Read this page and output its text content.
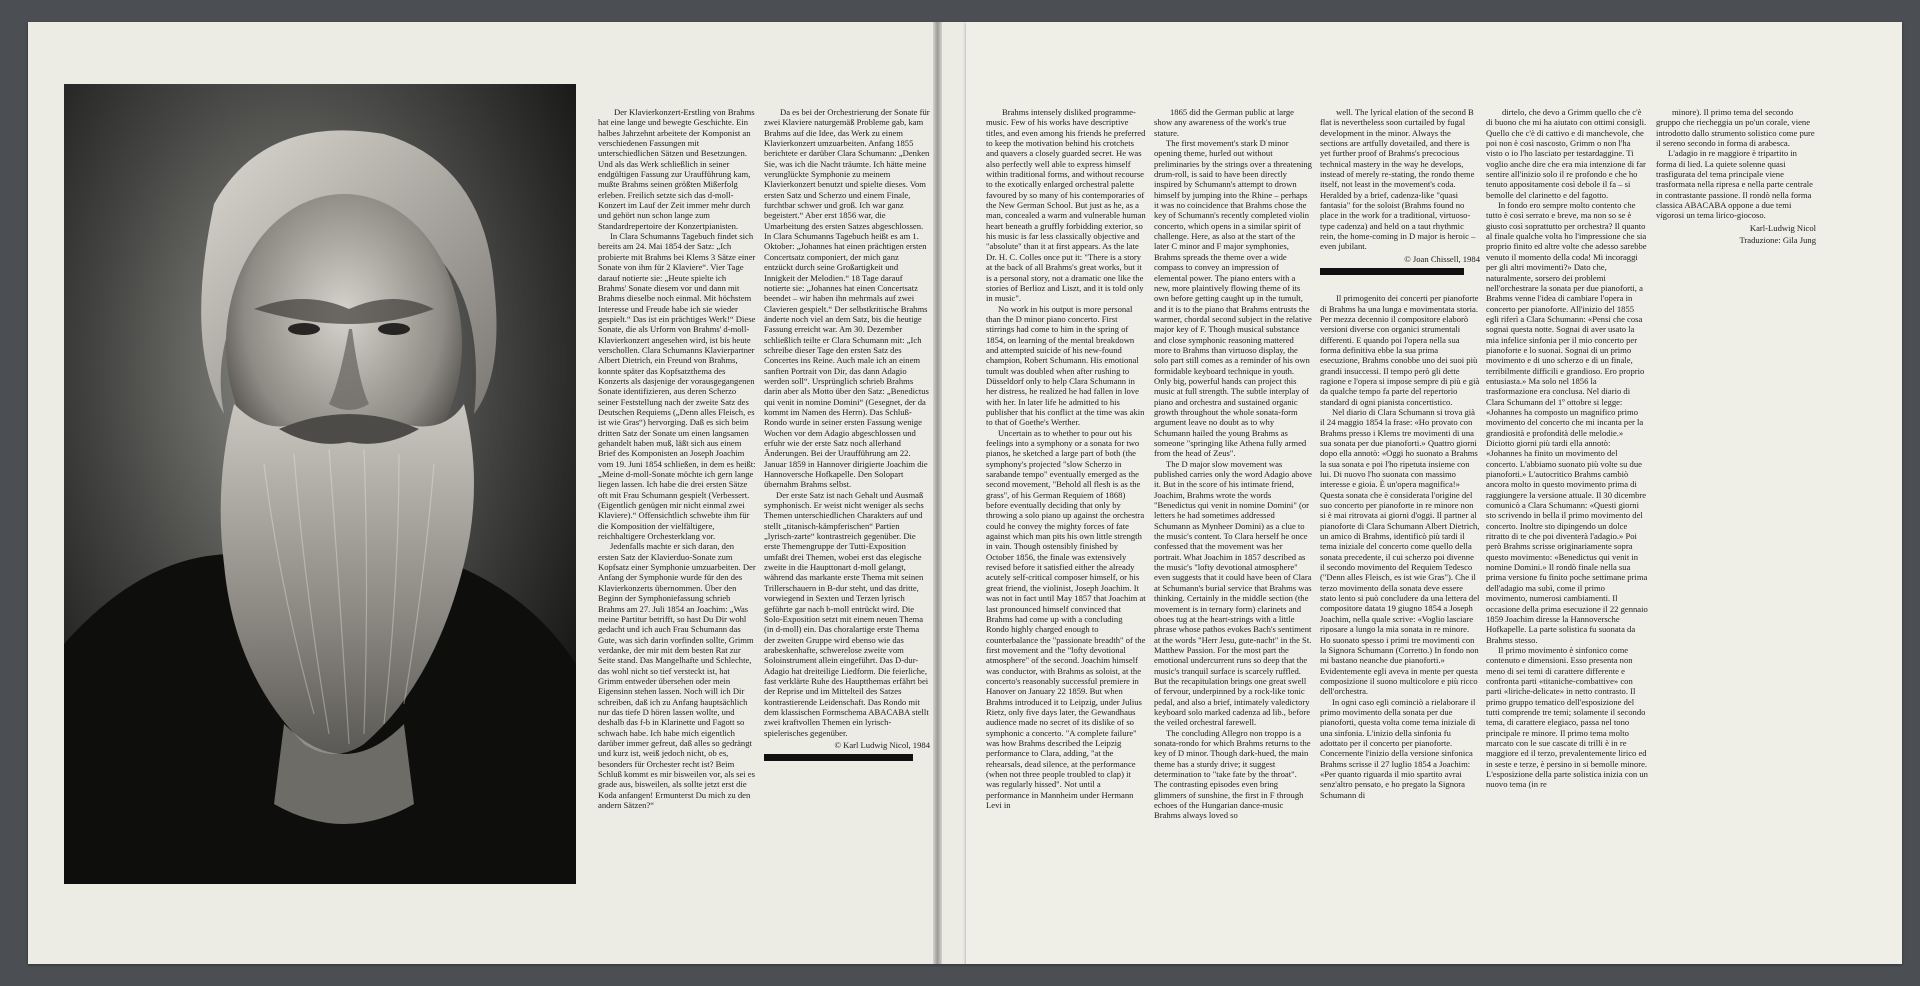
Der Klavierkonzert-Erstling von Brahms hat eine lange und bewegte Geschichte. Ein halbes Jahrzehnt arbeitete der Komponist an verschiedenen Fassungen mit unterschiedlichen Sätzen und Besetzungen. Und als das Werk schließlich in seiner endgültigen Fassung zur Uraufführung kam, mußte Brahms seinen größten Mißerfolg erleben. Freilich setzte sich das d-moll-Konzert im Lauf der Zeit immer mehr durch und gehört nun schon lange zum Standardrepertoire der Konzertpianisten.

In Clara Schumanns Tagebuch findet sich bereits am 24. Mai 1854 der Satz: „Ich probierte mit Brahms bei Klems 3 Sätze einer Sonate von ihm für 2 Klaviere“. Vier Tage darauf notierte sie: „Heute spielte ich Brahms' Sonate diesem vor und dann mit Brahms dieselbe noch einmal. Mit höchstem Interesse und Freude habe ich sie wieder gespielt.“ Das ist ein prächtiges Werk!“ Diese Sonate, die als Urform von Brahms' d-moll-Klavierkonzert angesehen wird, ist bis heute verschollen. Clara Schumanns Klavierpartner Albert Dietrich, ein Freund von Brahms, konnte später das Kopfsatzthema des Konzerts als dasjenige der vorausgegangenen Sonate identifizieren, aus deren Scherzo seiner Feststellung nach der zweite Satz des Deutschen Requiems („Denn alles Fleisch, es ist wie Gras“) hervorging. Daß es sich beim dritten Satz der Sonate um einen langsamen gehandelt haben muß, läßt sich aus einem Brief des Komponisten an Joseph Joachim vom 19. Juni 1854 schließen, in dem es heißt: „Meine d-moll-Sonate möchte ich gern lange liegen lassen. Ich habe die drei ersten Sätze oft mit Frau Schumann gespielt (Verbessert. (Eigentlich genügen mir nicht einmal zwei Klaviere).“ Offensichtlich schwebte ihm für die Komposition der vielfältigere, reichhaltigere Orchesterklang vor.

Jedenfalls machte er sich daran, den ersten Satz der Klavierduo-Sonate zum Kopfsatz einer Symphonie umzuarbeiten. Der Anfang der Symphonie wurde für den des Klavierkonzerts übernommen. Über den Beginn der Symphoniefassung schrieb Brahms am 27. Juli 1854 an Joachim: „Was meine Partitur betrifft, so hast Du Dir wohl gedacht und ich auch Frau Schumann das Gute, was sich darin vorfinden sollte, Grimm verdanke, der mir mit dem besten Rat zur Seite stand. Das Mangelhafte und Schlechte, das wohl nicht so tief versteckt ist, hat Grimm entweder übersehen oder mein Eigensinn stehen lassen. Noch will ich Dir schreiben, daß ich zu Anfang hauptsächlich nur das tiefe D hören lassen wollte, und deshalb das f-b in Klarinette und Fagott so schwach habe. Ich habe mich eigentlich darüber immer gefreut, daß alles so gedrängt und kurz ist, weiß jedoch nicht, ob es, besonders für Orchester recht ist? Beim Schluß kommt es mir bisweilen vor, als sei es grade aus, bisweilen, als sollte jetzt erst die Koda anfangen! Ermunterst Du mich zu den andern Sätzen?“

Da es bei der Orchestrierung der Sonate für zwei Klaviere naturgemäß Probleme gab, kam Brahms auf die Idee, das Werk zu einem Klavierkonzert umzuarbeiten. Anfang 1855 berichtete er darüber Clara Schumann: „Denken Sie, was ich die Nacht träumte. Ich hätte meine verunglückte Symphonie zu meinem Klavierkonzert benutzt und spielte dieses. Vom ersten Satz und Scherzo und einem Finale, furchtbar schwer und groß. Ich war ganz begeistert.“ Aber erst 1856 war, die Umarbeitung des ersten Satzes abgeschlossen. In Clara Schumanns Tagebuch heißt es am 1. Oktober: „Johannes hat einen prächtigen ersten Concertsatz componiert, der mich ganz entzückt durch seine Großartigkeit und Innigkeit der Melodien.“ 18 Tage darauf notierte sie: „Johannes hat einen Concertsatz beendet – wir haben ihn mehrmals auf zwei Clavieren gespielt.“ Der selbstkritische Brahms änderte noch viel an dem Satz, bis die heutige Fassung erreicht war. Am 30. Dezember schließlich teilte er Clara Schumann mit: „Ich schreibe dieser Tage den ersten Satz des Concertes ins Reine. Auch male ich an einem sanften Portrait von Dir, das dann Adagio werden soll“. Ursprünglich schrieb Brahms darin aber als Motto über den Satz: „Benedictus qui venit in nomine Domini“ (Gesegnet, der da kommt im Namen des Herrn). Das Schluß-Rondo wurde in seiner ersten Fassung wenige Wochen vor dem Adagio abgeschlossen und erfuhr wie der erste Satz noch allerhand Änderungen. Bei der Uraufführung am 22. Januar 1859 in Hannover dirigierte Joachim die Hannoversche Hofkapelle. Den Solopart übernahm Brahms selbst.

Der erste Satz ist nach Gehalt und Ausmaß symphonisch. Er weist nicht weniger als sechs Themen unterschiedlichen Charakters auf und stellt „titanisch-kämpferischen“ Partien „lyrisch-zarte“ kontrastreich gegenüber. Die erste Themengruppe der Tutti-Exposition umfaßt drei Themen, wobei erst das elegische zweite in die Haupttonart d-moll gelangt, während das markante erste Thema mit seinen Trillerschauern in B-dur steht, und das dritte, vorwiegend in Sexten und Terzen lyrisch geführte gar nach b-moll entrückt wird. Die Solo-Exposition setzt mit einem neuen Thema (in d-moll) ein. Das choralartige erste Thema der zweiten Gruppe wird ebenso wie das arabeskenhafte, schwerelose zweite vom Soloinstrument allein eingeführt. Das D-dur-Adagio hat dreiteilige Liedform. Die feierliche, fast verklärte Ruhe des Hauptthemas erfährt bei der Reprise und im Mittelteil des Satzes kontrastierende Leidenschaft. Das Rondo mit dem klassischen Formschema ABACABA stellt zwei kraftvollen Themen ein lyrisch-spielerisches gegenüber.

© Karl Ludwig Nicol, 1984

Brahms intensely disliked programme-music. Few of his works have descriptive titles, and even among his friends he preferred to keep the motivation behind his crotchets and quavers a closely guarded secret. He was also perfectly well able to express himself within traditional forms, and without recourse to the exotically enlarged orchestral palette favoured by so many of his contemporaries of the New German School. But just as he, as a man, concealed a warm and vulnerable human heart beneath a gruffly forbidding exterior, so his music is far less classically objective and "absolute" than it at first appears. As the late Dr. H. C. Colles once put it: "There is a story at the back of all Brahms's great works, but it is a personal story, not a dramatic one like the stories of Berlioz and Liszt, and it is told only in music".

No work in his output is more personal than the D minor piano concerto. First stirrings had come to him in the spring of 1854, on learning of the mental breakdown and attempted suicide of his new-found champion, Robert Schumann. His emotional tumult was doubled when after rushing to Düsseldorf only to help Clara Schumann in her distress, he realized he had fallen in love with her. In later life he admitted to his publisher that his conflict at the time was akin to that of Goethe's Werther.

Uncertain as to whether to pour out his feelings into a symphony or a sonata for two pianos, he sketched a large part of both (the symphony's projected "slow Scherzo in sarabande tempo" eventually emerged as the second movement, "Behold all flesh is as the grass", of his German Requiem of 1868) before eventually deciding that only by throwing a solo piano up against the orchestra could he convey the mighty forces of fate against which man pits his own little strength in vain. Though ostensibly finished by October 1856, the finale was extensively revised before it satisfied either the already acutely self-critical composer himself, or his great friend, the violinist, Joseph Joachim. It was not in fact until May 1857 that Joachim at last pronounced himself convinced that Brahms had come up with a concluding Rondo highly charged enough to counterbalance the "passionate breadth" of the first movement and the "lofty devotional atmosphere" of the second. Joachim himself was conductor, with Brahms as soloist, at the concerto's reasonably successful premiere in Hanover on January 22 1859. But when Brahms introduced it to Leipzig, under Julius Rietz, only five days later, the Gewandhaus audience made no secret of its dislike of so symphonic a concerto. "A complete failure" was how Brahms described the Leipzig performance to Clara, adding, "at the rehearsals, dead silence, at the performance (when not three people troubled to clap) it was regularly hissed". Not until a performance in Mannheim under Hermann Levi in

1865 did the German public at large show any awareness of the work's true stature.

The first movement's stark D minor opening theme, hurled out without preliminaries by the strings over a threatening drum-roll, is said to have been directly inspired by Schumann's attempt to drown himself by jumping into the Rhine – perhaps it was no coincidence that Brahms chose the key of Schumann's recently completed violin concerto, which opens in a similar spirit of challenge. Here, as also at the start of the later C minor and F major symphonies, Brahms spreads the theme over a wide compass to convey an impression of elemental power. The piano enters with a new, more plaintively flowing theme of its own before getting caught up in the tumult, and it is to the piano that Brahms entrusts the warmer, chordal second subject in the relative major key of F. Though musical substance and close symphonic reasoning mattered more to Brahms than virtuoso display, the solo part still comes as a reminder of his own formidable keyboard technique in youth. Only big, powerful hands can project this music at full strength. The subtle interplay of piano and orchestra and sustained organic growth throughout the whole sonata-form argument leave no doubt as to why Schumann hailed the young Brahms as someone "springing like Athena fully armed from the head of Zeus".

The D major slow movement was published carries only the word Adagio above it. But in the score of his intimate friend, Joachim, Brahms wrote the words "Benedictus qui venit in nomine Domini" (or letters he had sometimes addressed Schumann as Mynheer Domini) as a clue to the music's content. To Clara herself he once confessed that the movement was her portrait. What Joachim in 1857 described as the music's "lofty devotional atmosphere" even suggests that it could have been of Clara at Schumann's burial service that Brahms was thinking. Certainly in the middle section (the movement is in ternary form) clarinets and oboes tug at the heart-strings with a little phrase whose pathos evokes Bach's sentiment at the words "Herr Jesu, gute-nacht" in the St. Matthew Passion. For the most part the emotional undercurrent runs so deep that the music's tranquil surface is scarcely ruffled. But the recapitulation brings one great swell of fervour, underpinned by a rock-like tonic pedal, and also a brief, intimately valedictory keyboard solo marked cadenza ad lib., before the veiled orchestral farewell.

The concluding Allegro non troppo is a sonata-rondo for which Brahms returns to the key of D minor. Though dark-hued, the main theme has a sturdy drive; it suggest determination to "take fate by the throat". The contrasting episodes even bring glimmers of sunshine, the first in F through echoes of the Hungarian dance-music Brahms always loved so

well. The lyrical elation of the second B flat is nevertheless soon curtailed by fugal development in the minor. Always the sections are artfully dovetailed, and there is yet further proof of Brahms's precocious technical mastery in the way he develops, instead of merely re-stating, the rondo theme itself, not least in the movement's coda. Heralded by a brief, cadenza-like "quasi fantasia" for the soloist (Brahms found no place in the work for a traditional, virtuoso-type cadenza) and held on a taut rhythmic rein, the home-coming in D major is heroic – even jubilant.

© Joan Chissell, 1984

Il primogenito dei concerti per pianoforte di Brahms ha una lunga e movimentata storia. Per mezza decennio il compositore elaborò versioni diverse con organici strumentali differenti. E quando poi l'opera nella sua forma definitiva ebbe la sua prima esecuzione, Brahms conobbe uno dei suoi più grandi insuccessi. Il tempo però gli dette ragione e l'opera si impose sempre di più e già da qualche tempo fa parte del repertorio standard di ogni pianista concertistico.

Nel diario di Clara Schumann si trova già il 24 maggio 1854 la frase: «Ho provato con Brahms presso i Klems tre movimenti di una sua sonata per due pianoforti.» Quattro giorni dopo ella annotò: «Oggi ho suonato a Brahms la sua sonata e poi l'ho ripetuta insieme con lui. Di nuovo l'ho suonata con massimo interesse e gioia. È un'opera magnifica!» Questa sonata che è considerata l'origine del suo concerto per pianoforte in re minore non si è mai ritrovata ai giorni d'oggi. Il partner al pianoforte di Clara Schumann Albert Dietrich, un amico di Brahms, identificò più tardi il tema iniziale del concerto come quello della sonata precedente, il cui scherzo poi divenne il secondo movimento del Requiem Tedesco ("Denn alles Fleisch, es ist wie Gras"). Che il terzo movimento della sonata deve essere stato lento si può concludere da una lettera del compositore datata 19 giugno 1854 a Joseph Joachim, nella quale scrive: «Voglio lasciare riposare a lungo la mia sonata in re minore. Ho suonato spesso i primi tre movimenti con la Signora Schumann (Corretto.) In fondo non mi bastano neanche due pianoforti.» Evidentemente egli aveva in mente per questa composizione il suono multicolore e più ricco dell'orchestra.

In ogni caso egli cominciò a rielaborare il primo movimento della sonata per due pianoforti, questa volta come tema iniziale di una sinfonia. L'inizio della sinfonia fu adottato per il concerto per pianoforte. Concernente l'inizio della versione sinfonica Brahms scrisse il 27 luglio 1854 a Joachim: «Per quanto riguarda il mio spartito avrai senz'altro pensato, e ho pregato la Signora Schumann di

dirtelo, che devo a Grimm quello che c'è di buono che mi ha aiutato con ottimi consigli. Quello che c'è di cattivo e di manchevole, che poi non è così nascosto, Grimm o non l'ha visto o io l'ho lasciato per testardaggine. Ti voglio anche dire che era mia intenzione di far sentire all'inizio solo il re profondo e che ho tenuto appositamente così debole il fa – si bemolle del clarinetto e del fagotto.

In fondo ero sempre molto contento che tutto è così serrato e breve, ma non so se è giusto così soprattutto per orchestra? Il quanto al finale qualche volta ho l'impressione che sia proprio finito ed altre volte che adesso sarebbe venuto il momento della coda! Mi incoraggi per gli altri movimenti?» Dato che, naturalmente, sorsero dei problemi nell'orchestrare la sonata per due pianoforti, a Brahms venne l'idea di cambiare l'opera in concerto per pianoforte. All'inizio del 1855 egli riferì a Clara Schumann: «Pensi che cosa sognai questa notte. Sognai di aver usato la mia infelice sinfonia per il mio concerto per pianoforte e lo suonai. Sognai di un primo movimento e di uno scherzo e di un finale, terribilmente difficili e grandioso. Ero proprio entusiasta.» Ma solo nel 1856 la trasformazione era conclusa. Nel diario di Clara Schumann del 1º ottobre si legge: «Johannes ha composto un magnifico primo movimento del concerto che mi incanta per la grandiosità e profondità delle melodie.» Diciotto giorni più tardi ella annotò: «Johannes ha finito un movimento del concerto. L'abbiamo suonato più volte su due pianoforti.» L'autocritico Brahms cambiò ancora molto in questo movimento prima di raggiungere la versione attuale. Il 30 dicembre comunicò a Clara Schumann: «Questi giorni sto scrivendo in bella il primo movimento del concerto. Inoltre sto dipingendo un dolce ritratto di te che poi diventerà l'adagio.» Poi però Brahms scrisse originariamente sopra questo movimento: «Benedictus qui venit in nomine Domini.» Il rondò finale nella sua prima versione fu finito poche settimane prima dell'adagio ma subì, come il primo movimento, numerosi cambiamenti. Il occasione della prima esecuzione il 22 gennaio 1859 Joachim diresse la Hannoversche Hofkapelle. La parte solistica fu suonata da Brahms stesso.

Il primo movimento è sinfonico come contenuto e dimensioni. Esso presenta non meno di sei temi di carattere differente e confronta parti «titaniche-combattive» con parti «liriche-delicate» in netto contrasto. Il primo gruppo tematico dell'esposizione del tutti comprende tre temi; solamente il secondo tema, di carattere elegiaco, passa nel tono principale re minore. Il primo tema molto marcato con le sue cascate di trilli è in re maggiore ed il terzo, prevalentemente lirico ed in seste e terze, è persino in si bemolle minore. L'esposizione della parte solistica inizia con un nuovo tema (in re

minore). Il primo tema del secondo gruppo che riecheggia un po'un corale, viene introdotto dallo strumento solistico come pure il sereno secondo in forma di arabesca.

L'adagio in re maggiore è tripartito in forma di lied. La quiete solenne quasi trasfigurata del tema principale viene trasformata nella ripresa e nella parte centrale in contrastante passione. Il rondò nella forma classica ABACABA oppone a due temi vigorosi un tema lirico-giocoso.

Karl-Ludwig Nicol
Traduzione: Gila Jung
